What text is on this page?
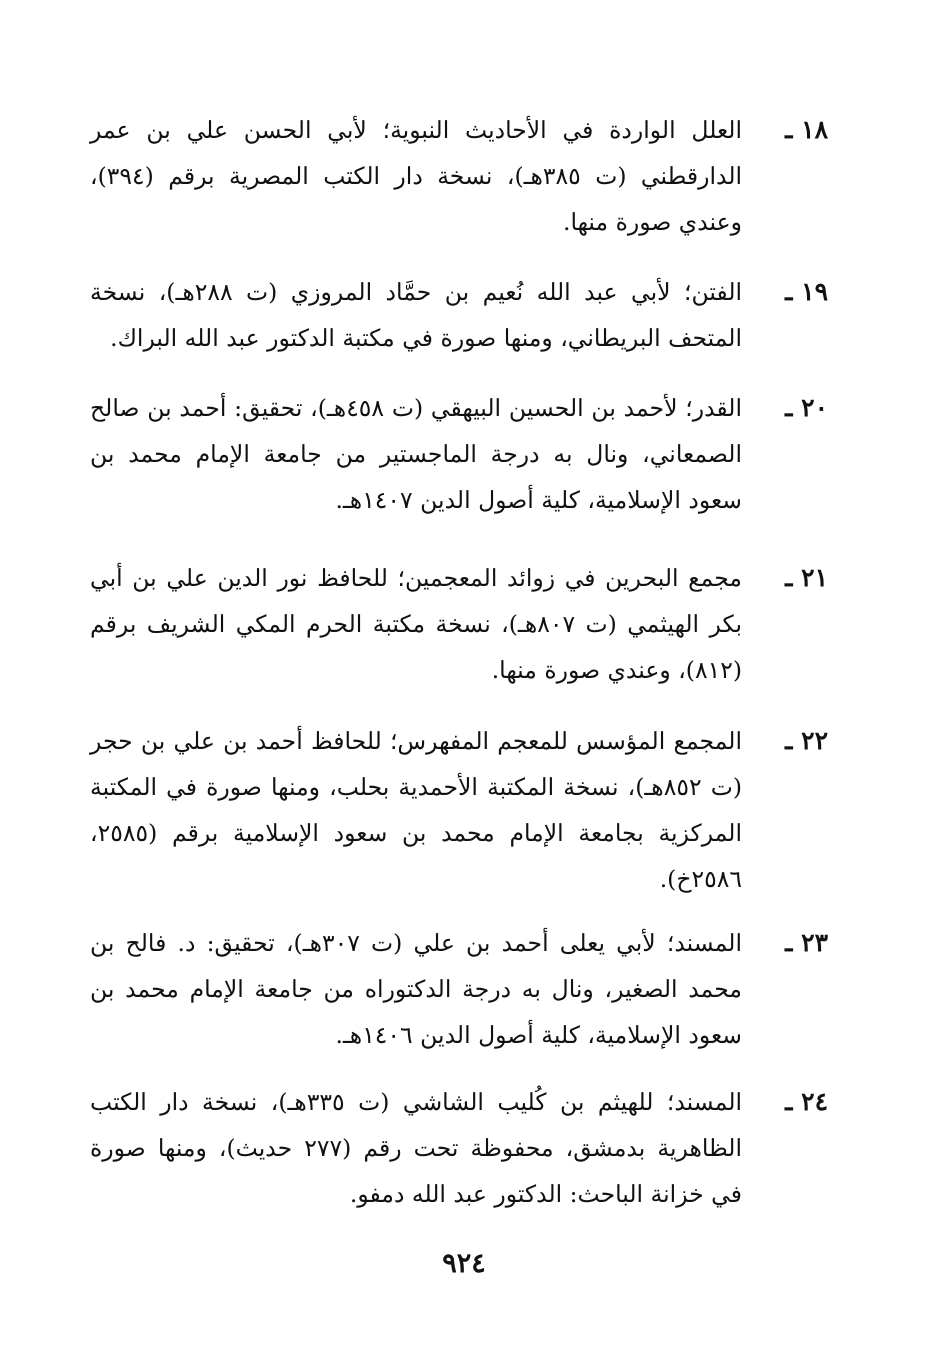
١٨ ـ
العلل الواردة في الأحاديث النبوية؛ لأبي الحسن علي بن عمر الدارقطني (ت ٣٨٥هـ)، نسخة دار الكتب المصرية برقم (٣٩٤)، وعندي صورة منها.
١٩ ـ
الفتن؛ لأبي عبد الله نُعيم بن حمَّاد المروزي (ت ٢٨٨هـ)، نسخة المتحف البريطاني، ومنها صورة في مكتبة الدكتور عبد الله البراك.
٢٠ ـ
القدر؛ لأحمد بن الحسين البيهقي (ت ٤٥٨هـ)، تحقيق: أحمد بن صالح الصمعاني، ونال به درجة الماجستير من جامعة الإمام محمد بن سعود الإسلامية، كلية أصول الدين ١٤٠٧هـ.
٢١ ـ
مجمع البحرين في زوائد المعجمين؛ للحافظ نور الدين علي بن أبي بكر الهيثمي (ت ٨٠٧هـ)، نسخة مكتبة الحرم المكي الشريف برقم (٨١٢)، وعندي صورة منها.
٢٢ ـ
المجمع المؤسس للمعجم المفهرس؛ للحافظ أحمد بن علي بن حجر (ت ٨٥٢هـ)، نسخة المكتبة الأحمدية بحلب، ومنها صورة في المكتبة المركزية بجامعة الإمام محمد بن سعود الإسلامية برقم (٢٥٨٥، ٢٥٨٦خ).
٢٣ ـ
المسند؛ لأبي يعلى أحمد بن علي (ت ٣٠٧هـ)، تحقيق: د. فالح بن محمد الصغير، ونال به درجة الدكتوراه من جامعة الإمام محمد بن سعود الإسلامية، كلية أصول الدين ١٤٠٦هـ.
٢٤ ـ
المسند؛ للهيثم بن كُليب الشاشي (ت ٣٣٥هـ)، نسخة دار الكتب الظاهرية بدمشق، محفوظة تحت رقم (٢٧٧ حديث)، ومنها صورة في خزانة الباحث: الدكتور عبد الله دمفو.
٩٢٤
